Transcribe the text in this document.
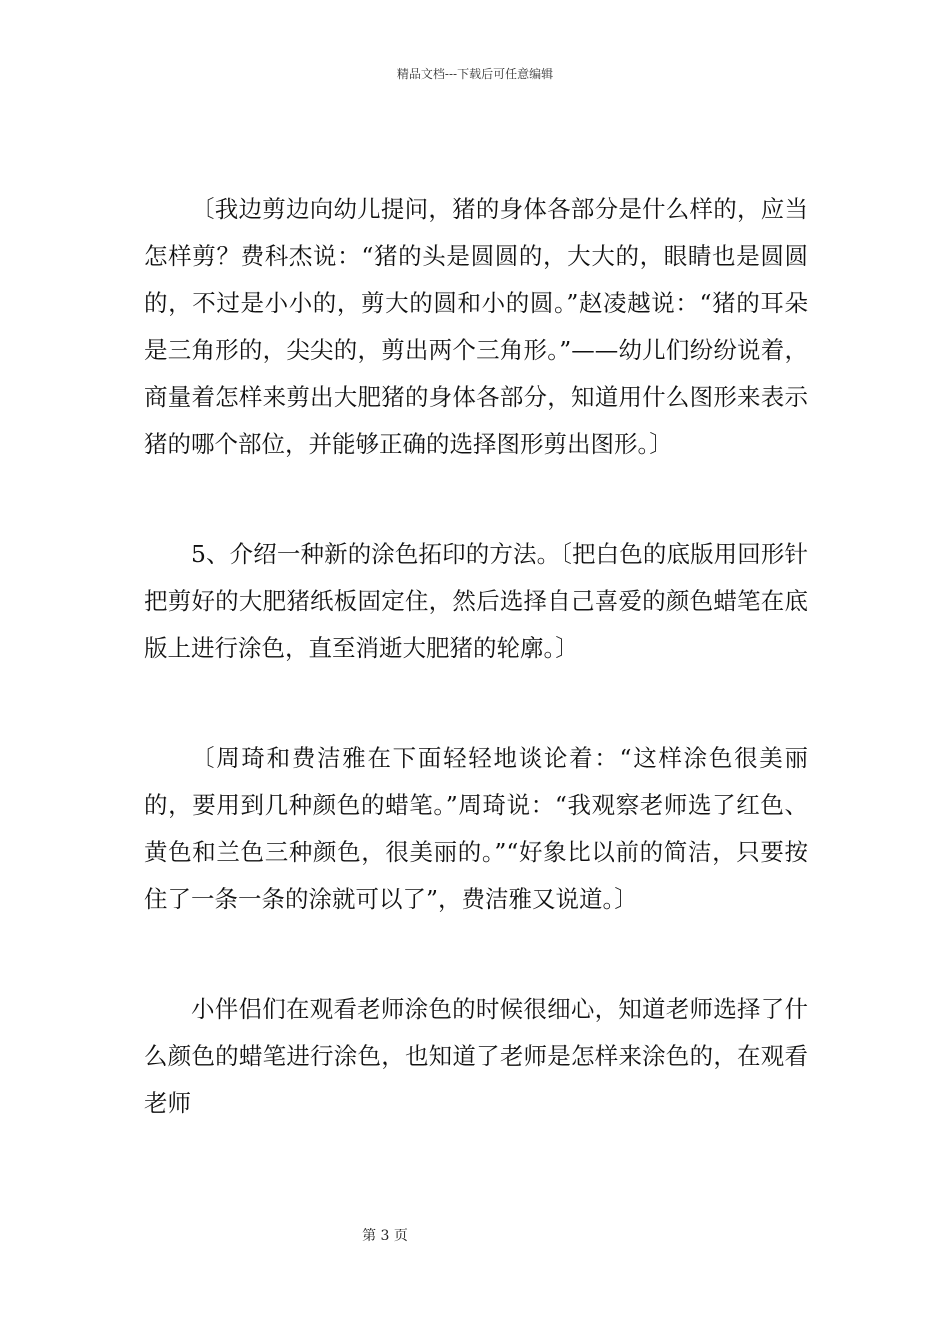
精品文档---下载后可任意编辑

〔我边剪边向幼儿提问，猪的身体各部分是什么样的，应当怎样剪？费科杰说：“猪的头是圆圆的，大大的，眼睛也是圆圆的，不过是小小的，剪大的圆和小的圆。”赵凌越说：“猪的耳朵是三角形的，尖尖的，剪出两个三角形。”——幼儿们纷纷说着，商量着怎样来剪出大肥猪的身体各部分，知道用什么图形来表示猪的哪个部位，并能够正确的选择图形剪出图形。〕

5、介绍一种新的涂色拓印的方法。〔把白色的底版用回形针把剪好的大肥猪纸板固定住，然后选择自己喜爱的颜色蜡笔在底版上进行涂色，直至消逝大肥猪的轮廓。〕

〔周琦和费洁雅在下面轻轻地谈论着：“这样涂色很美丽的，要用到几种颜色的蜡笔。”周琦说：“我观察老师选了红色、黄色和兰色三种颜色，很美丽的。”“好象比以前的简洁，只要按住了一条一条的涂就可以了”，费洁雅又说道。〕

小伴侣们在观看老师涂色的时候很细心，知道老师选择了什么颜色的蜡笔进行涂色，也知道了老师是怎样来涂色的，在观看老师

第 3 页
